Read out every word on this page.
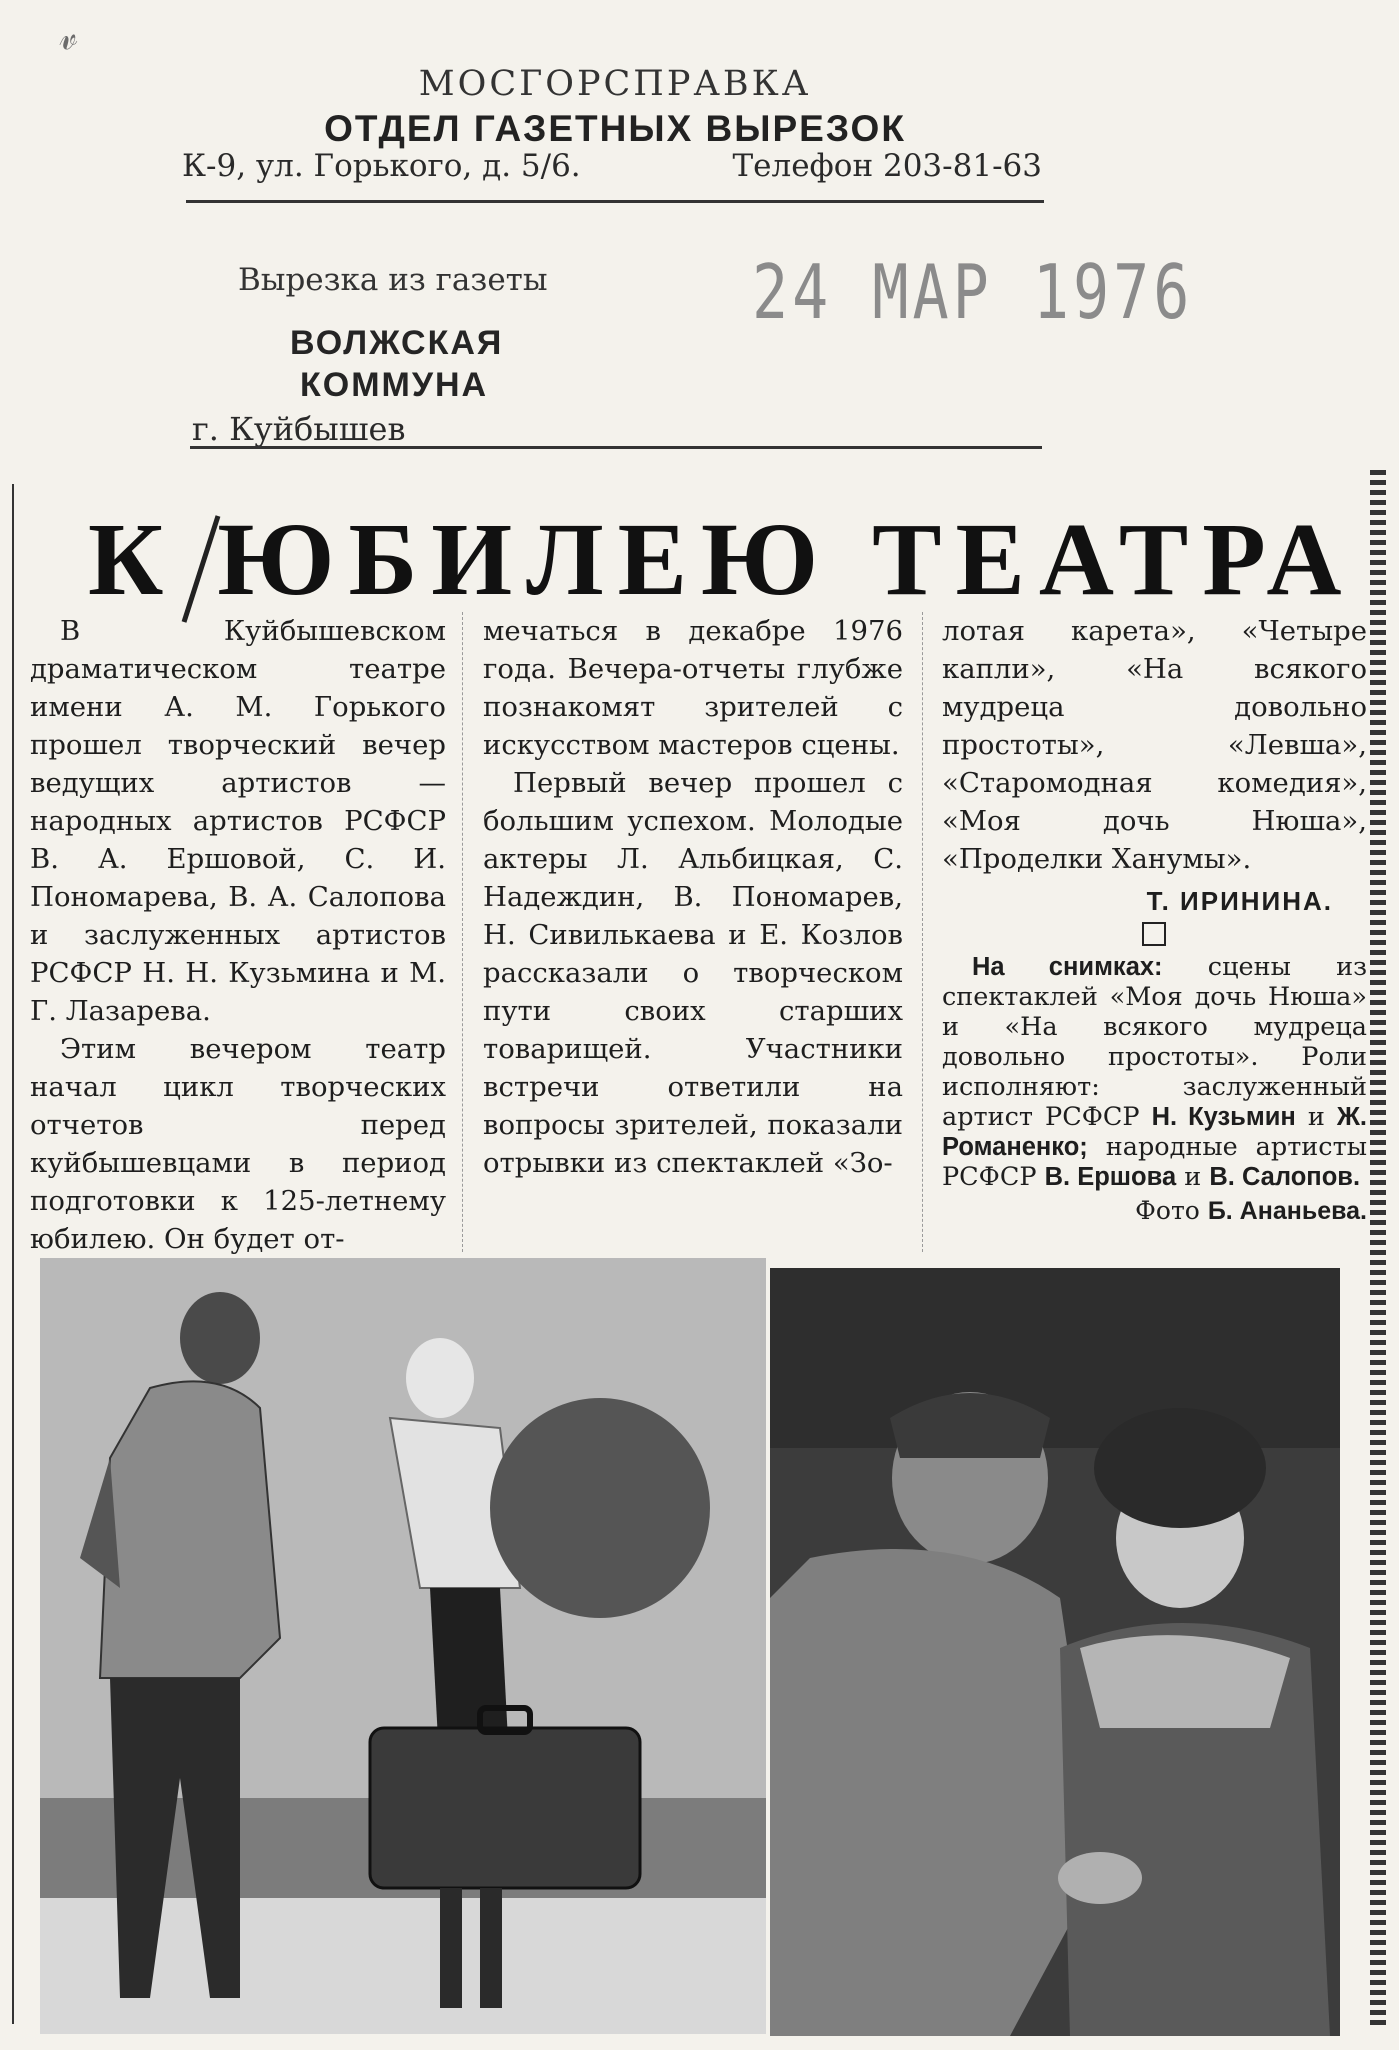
𝓋
МОСГОРСПРАВКА
ОТДЕЛ ГАЗЕТНЫХ ВЫРЕЗОК
К-9, ул. Горького, д. 5/6.	Телефон 203-81-63
Вырезка из газеты	24 МАР 1976
ВОЛЖСКАЯ
КОММУНА
г. Куйбышев
К ЮБИЛЕЮ ТЕАТРА

В Куйбышевском драматическом театре имени А. М. Горького прошел творческий вечер ведущих артистов — народных артистов РСФСР В. А. Ершовой, С. И. Пономарева, В. А. Салопова и заслуженных артистов РСФСР Н. Н. Кузьмина и М. Г. Лазарева.

Этим вечером театр начал цикл творческих отчетов перед куйбышевцами в период подготовки к 125-летнему юбилею. Он будет от-

мечаться в декабре 1976 года. Вечера-отчеты глубже познакомят зрителей с искусством мастеров сцены.

Первый вечер прошел с большим успехом. Молодые актеры Л. Альбицкая, С. Надеждин, В. Пономарев, Н. Сивилькаева и Е. Козлов рассказали о творческом пути своих старших товарищей. Участники встречи ответили на вопросы зрителей, показали отрывки из спектаклей «Зо-

лотая карета», «Четыре капли», «На всякого мудреца довольно простоты», «Левша», «Старомодная комедия», «Моя дочь Нюша», «Проделки Ханумы».

Т. ИРИНИНА.

На снимках: сцены из спектаклей «Моя дочь Нюша» и «На всякого мудреца довольно простоты». Роли исполняют: заслуженный артист РСФСР Н. Кузьмин и Ж. Романенко; народные артисты РСФСР В. Ершова и В. Салопов.

Фото Б. Ананьева.
